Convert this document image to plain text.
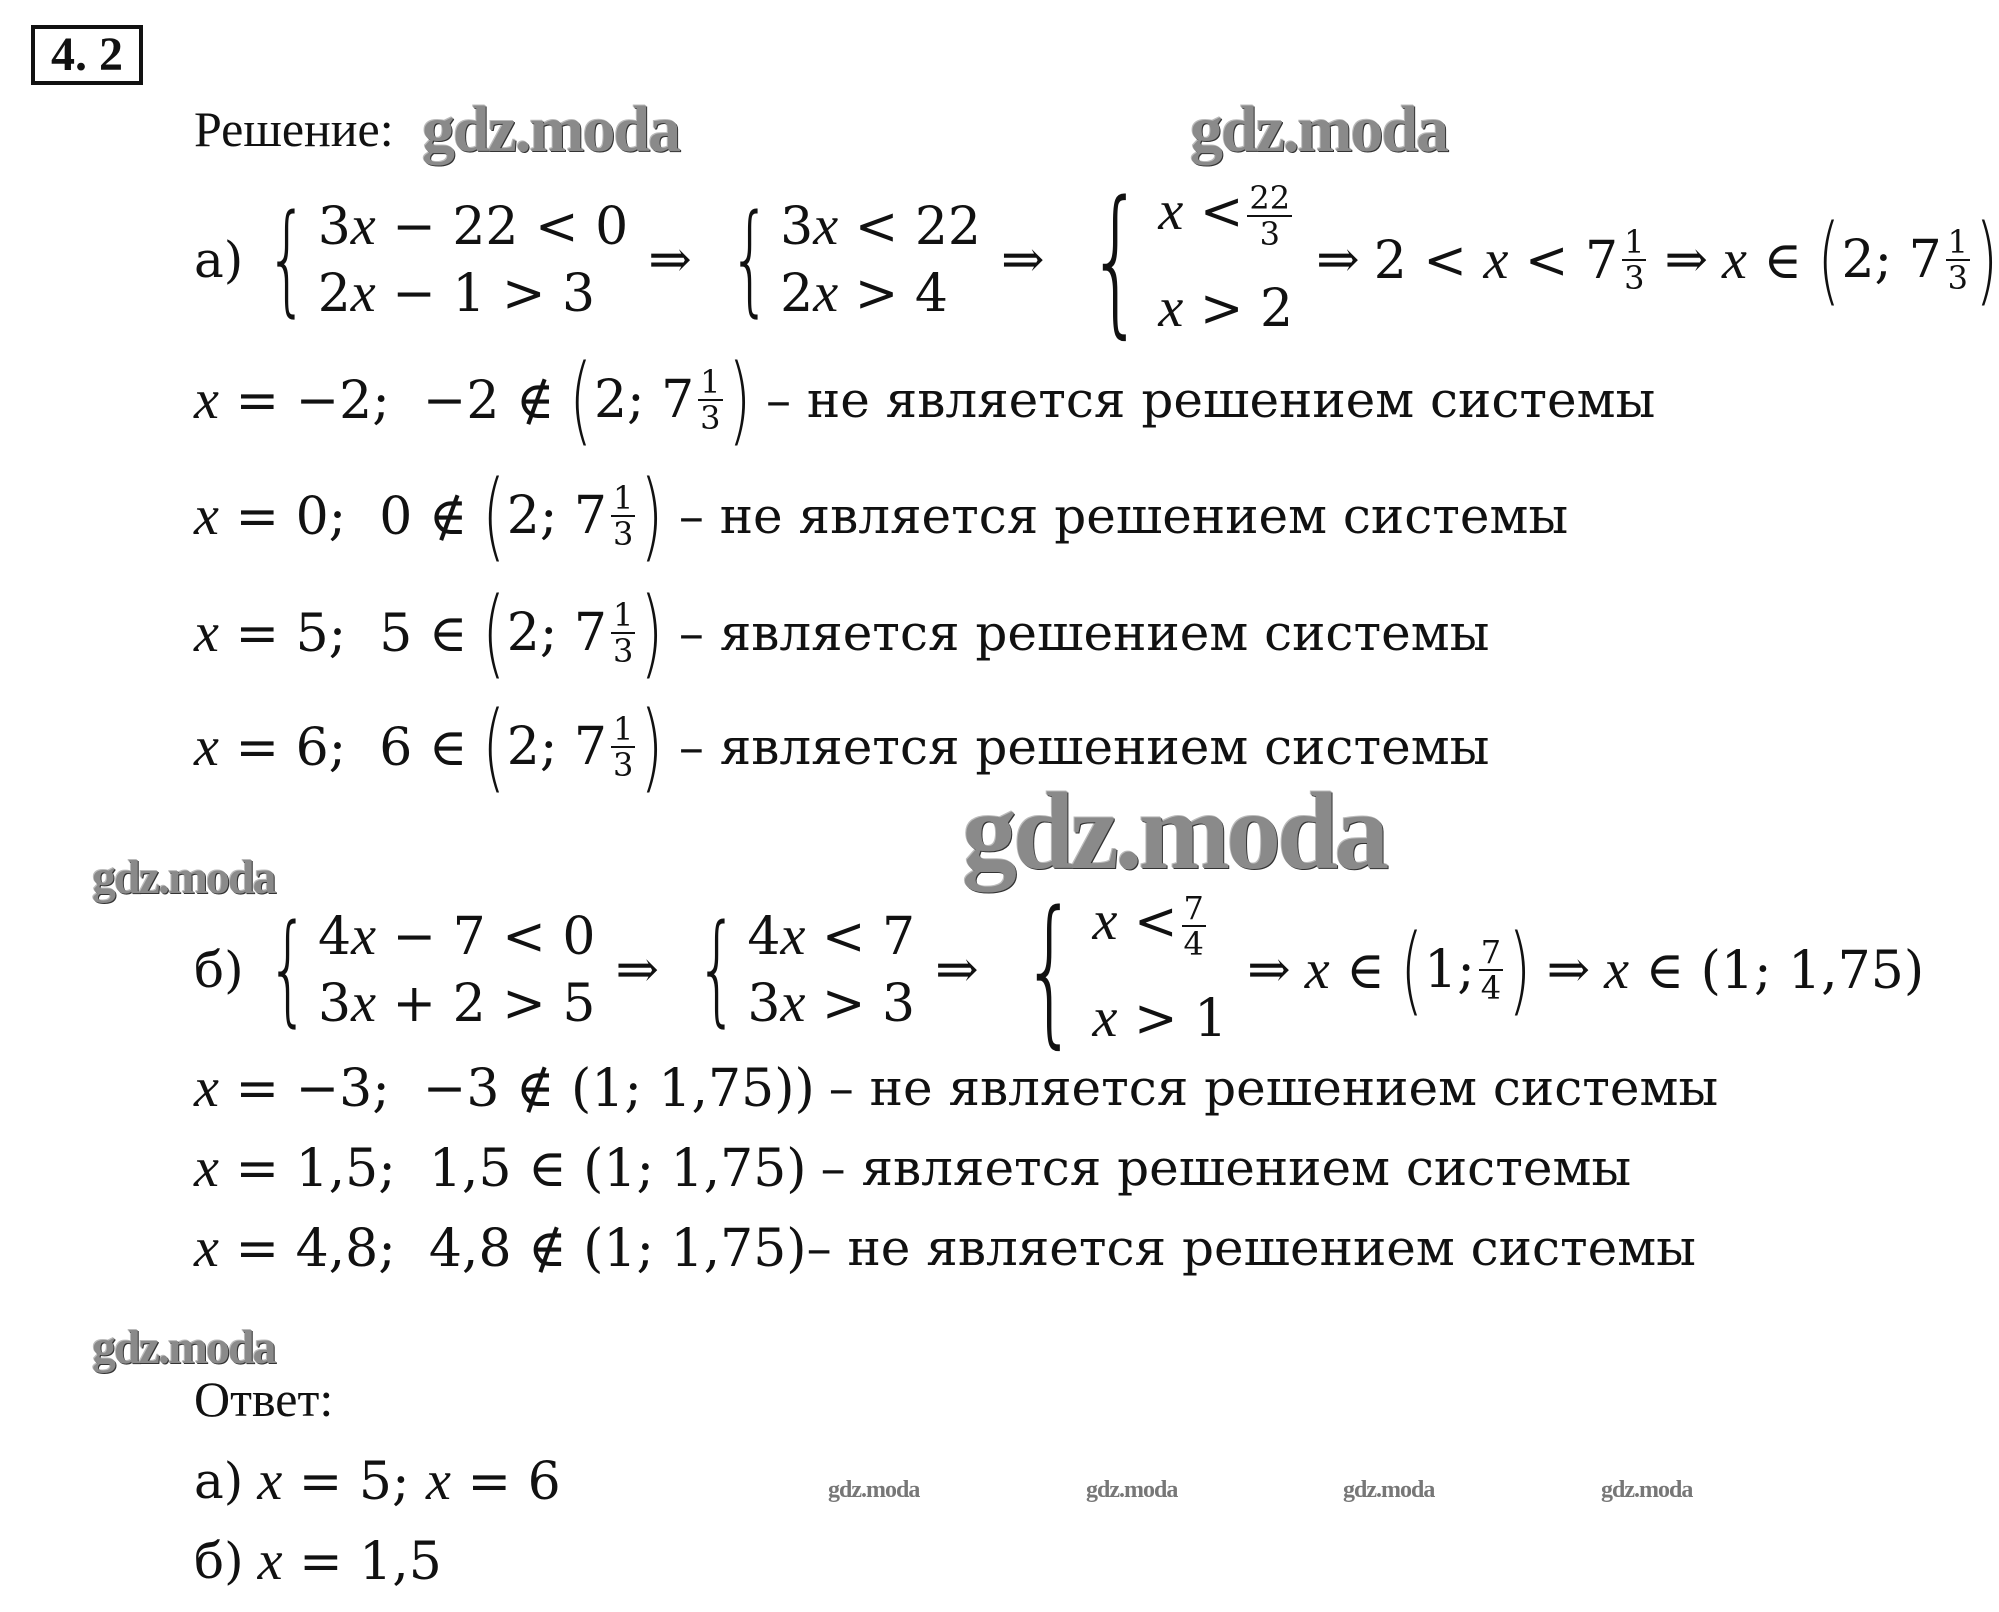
4. 2
Решение: gdz.moda	gdz.moda
gdz.moda
gdz.moda
gdz.moda
gdz.moda	gdz.moda	gdz.moda	gdz.moda
а) { 3x − 22 < 0
2x − 1 > 3
⇒ { 3x < 22
2x > 4
⇒ { $x < \frac{22}{3}$
x > 2
⇒ $2 < x < 7 \frac{1}{3}$ ⇒ x ∈ ( 2; $7 \frac{1}{3}$ )
x = −2;  −2 ∉ ( 2; $7 \frac{1}{3}$ ) – не является решением системы
x = 0;  0 ∉ ( 2; $7 \frac{1}{3}$ ) – не является решением системы
x = 5;  5 ∈ ( 2; $7 \frac{1}{3}$ ) – является решением системы
x = 6;  6 ∈ ( 2; $7 \frac{1}{3}$ ) – является решением системы
б) { 4x − 7 < 0
3x + 2 > 5
⇒ { 4x < 7
3x > 3
⇒ { $x < \frac{7}{4}$
x > 1
⇒ x ∈ ( 1; $\frac{7}{4}$ ) ⇒ x ∈ (1; 1,75)
x = −3;  −3 ∉ (1; 1,75)) – не является решением системы
x = 1,5;  1,5 ∈ (1; 1,75) – является решением системы
x = 4,8;  4,8 ∉ (1; 1,75) – не является решением системы
Ответ:
а) x = 5; x = 6
б) x = 1,5
